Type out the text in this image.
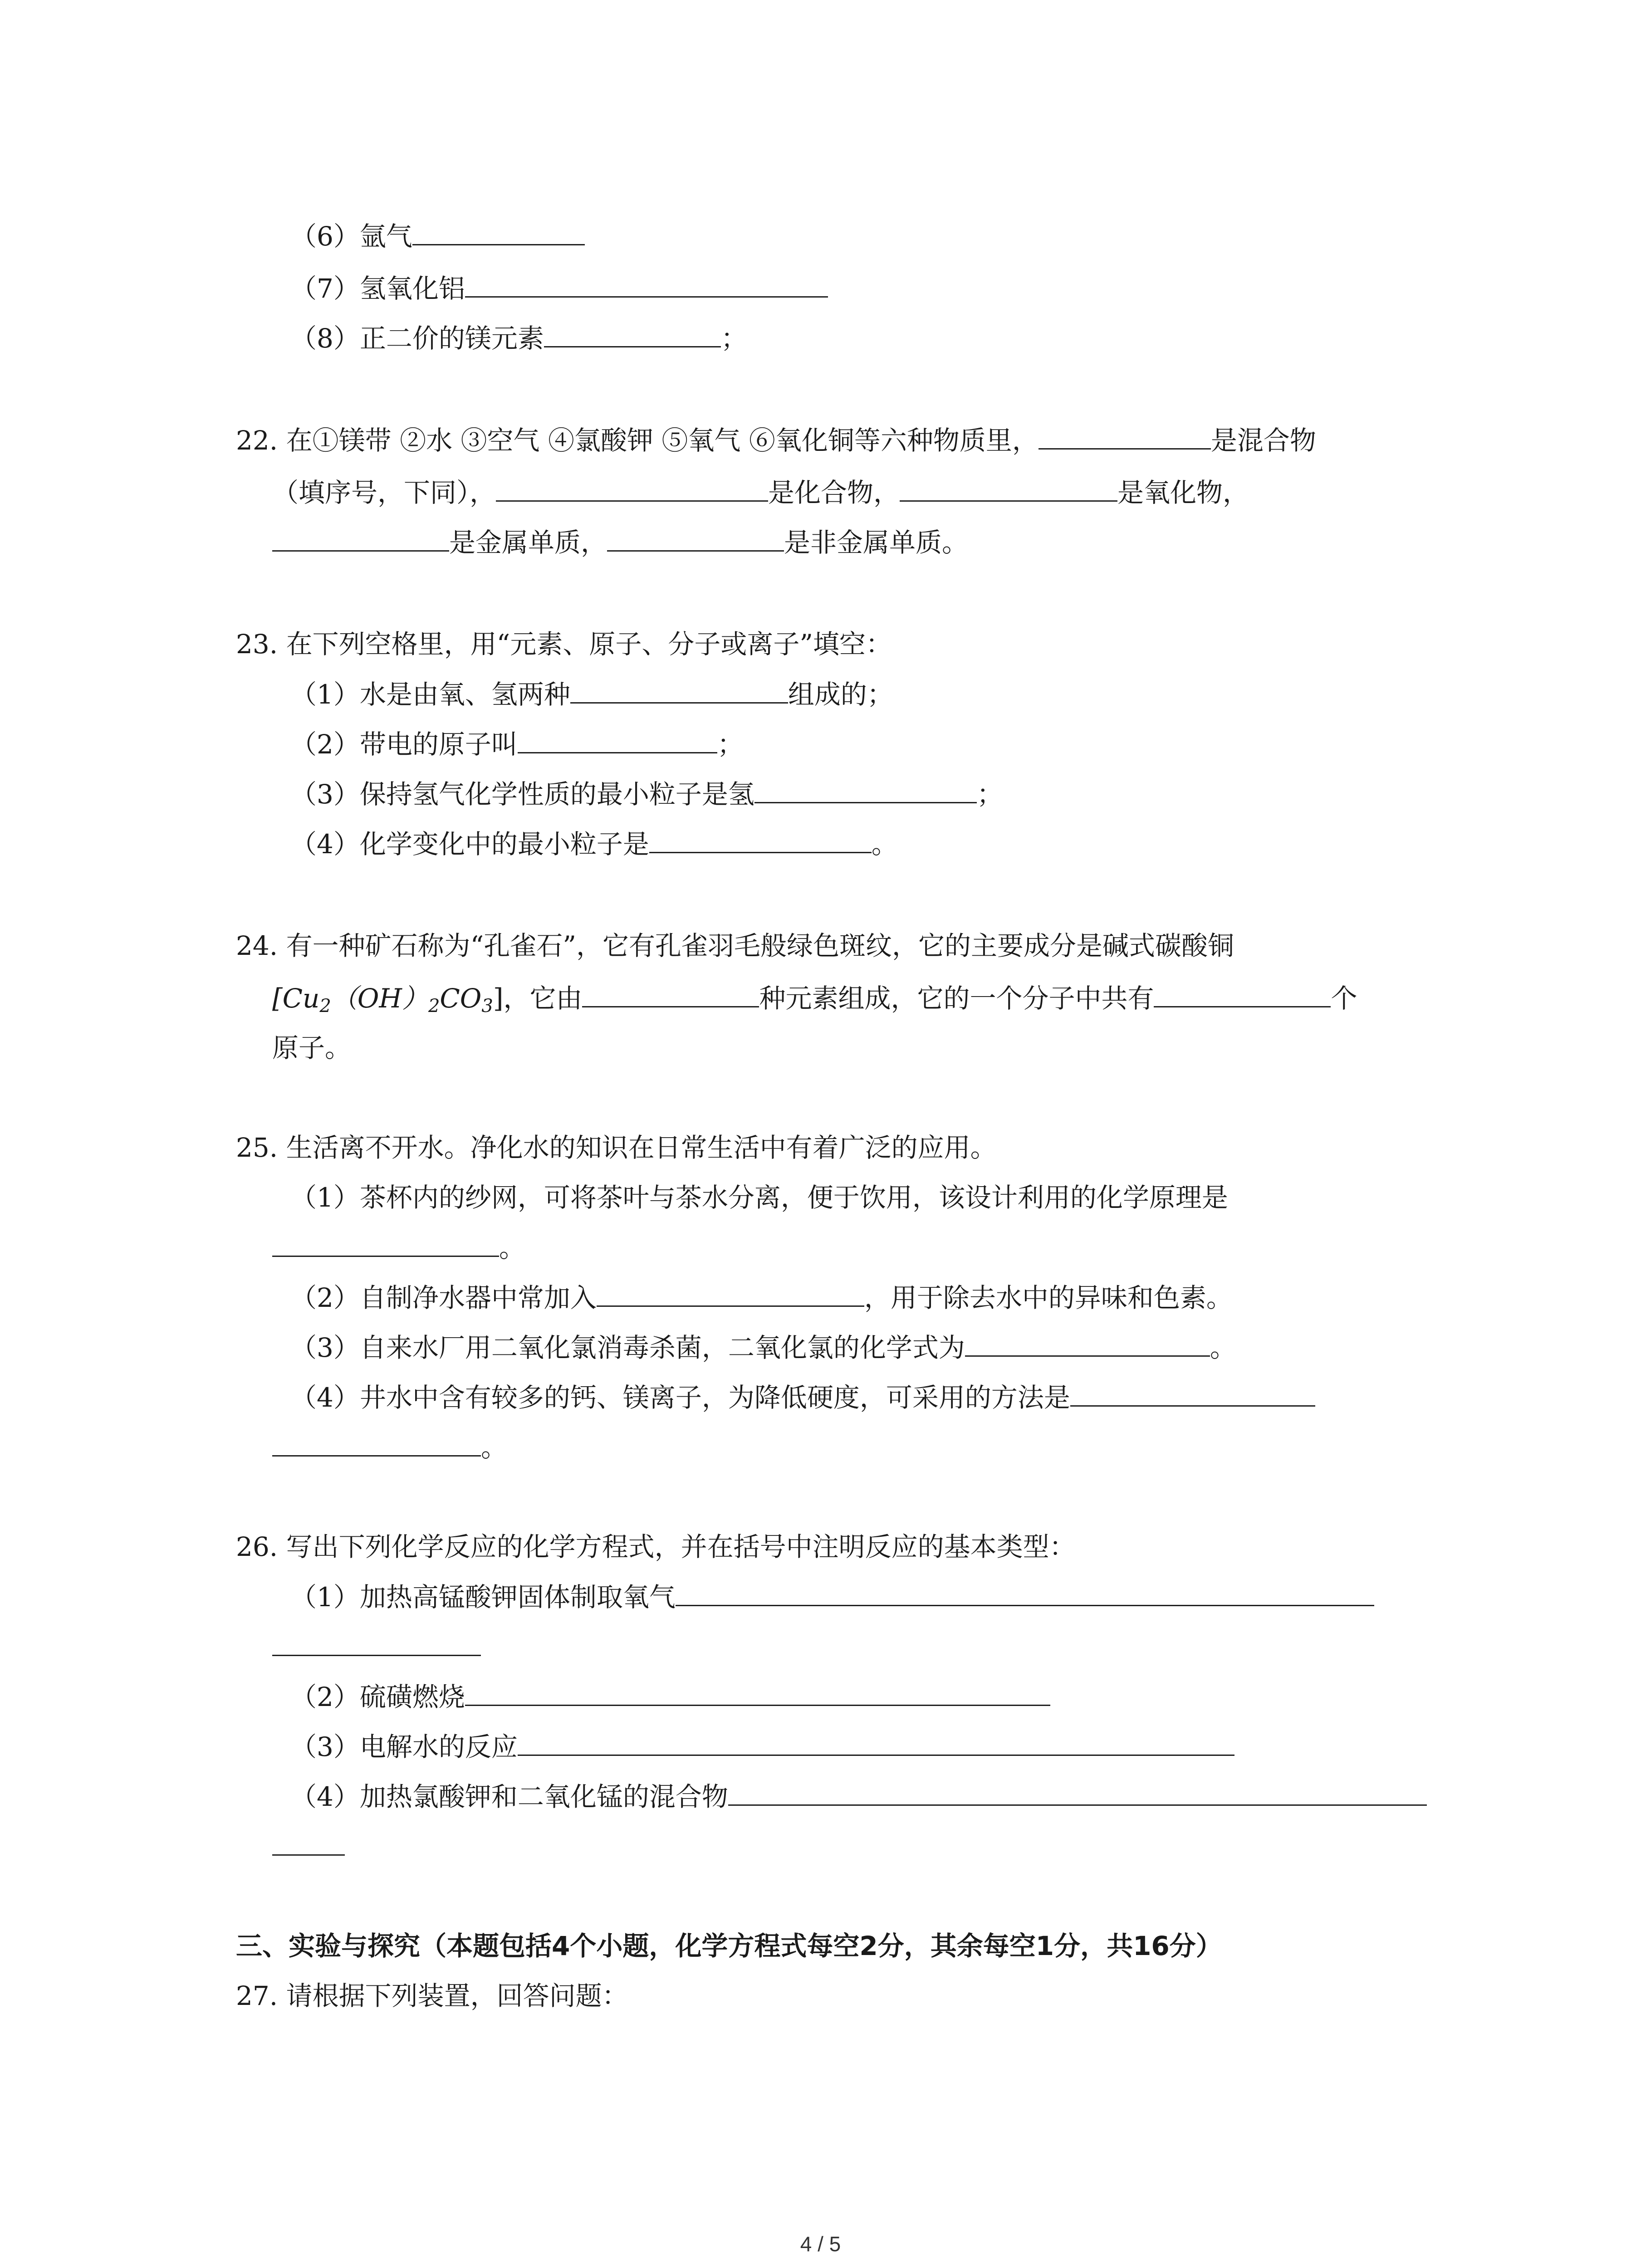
（6）氩气
（7）氢氧化铝
（8）正二价的镁元素	；
22. 在①镁带 ②水 ③空气 ④氯酸钾 ⑤氧气 ⑥氧化铜等六种物质里，	是混合物
（填序号，下同），	是化合物，	是氧化物，
是金属单质，	是非金属单质。
23. 在下列空格里，用“元素、原子、分子或离子”填空：
（1）水是由氧、氢两种	组成的；
（2）带电的原子叫	；
（3）保持氢气化学性质的最小粒子是氢	；
（4）化学变化中的最小粒子是	。
24. 有一种矿石称为“孔雀石”，它有孔雀羽毛般绿色斑纹，它的主要成分是碱式碳酸铜
$[Cu_2(OH)_2CO_3]$，它由	种元素组成，它的一个分子中共有	个
原子。
25. 生活离不开水。净化水的知识在日常生活中有着广泛的应用。
（1）茶杯内的纱网，可将茶叶与茶水分离，便于饮用，该设计利用的化学原理是
。
（2）自制净水器中常加入	，用于除去水中的异味和色素。
（3）自来水厂用二氧化氯消毒杀菌，二氧化氯的化学式为	。
（4）井水中含有较多的钙、镁离子，为降低硬度，可采用的方法是
。
26. 写出下列化学反应的化学方程式，并在括号中注明反应的基本类型：
（1）加热高锰酸钾固体制取氧气
（2）硫磺燃烧
（3）电解水的反应
（4）加热氯酸钾和二氧化锰的混合物
三、实验与探究（本题包括4个小题，化学方程式每空2分，其余每空1分，共16分）
27. 请根据下列装置，回答问题：
4 / 5
